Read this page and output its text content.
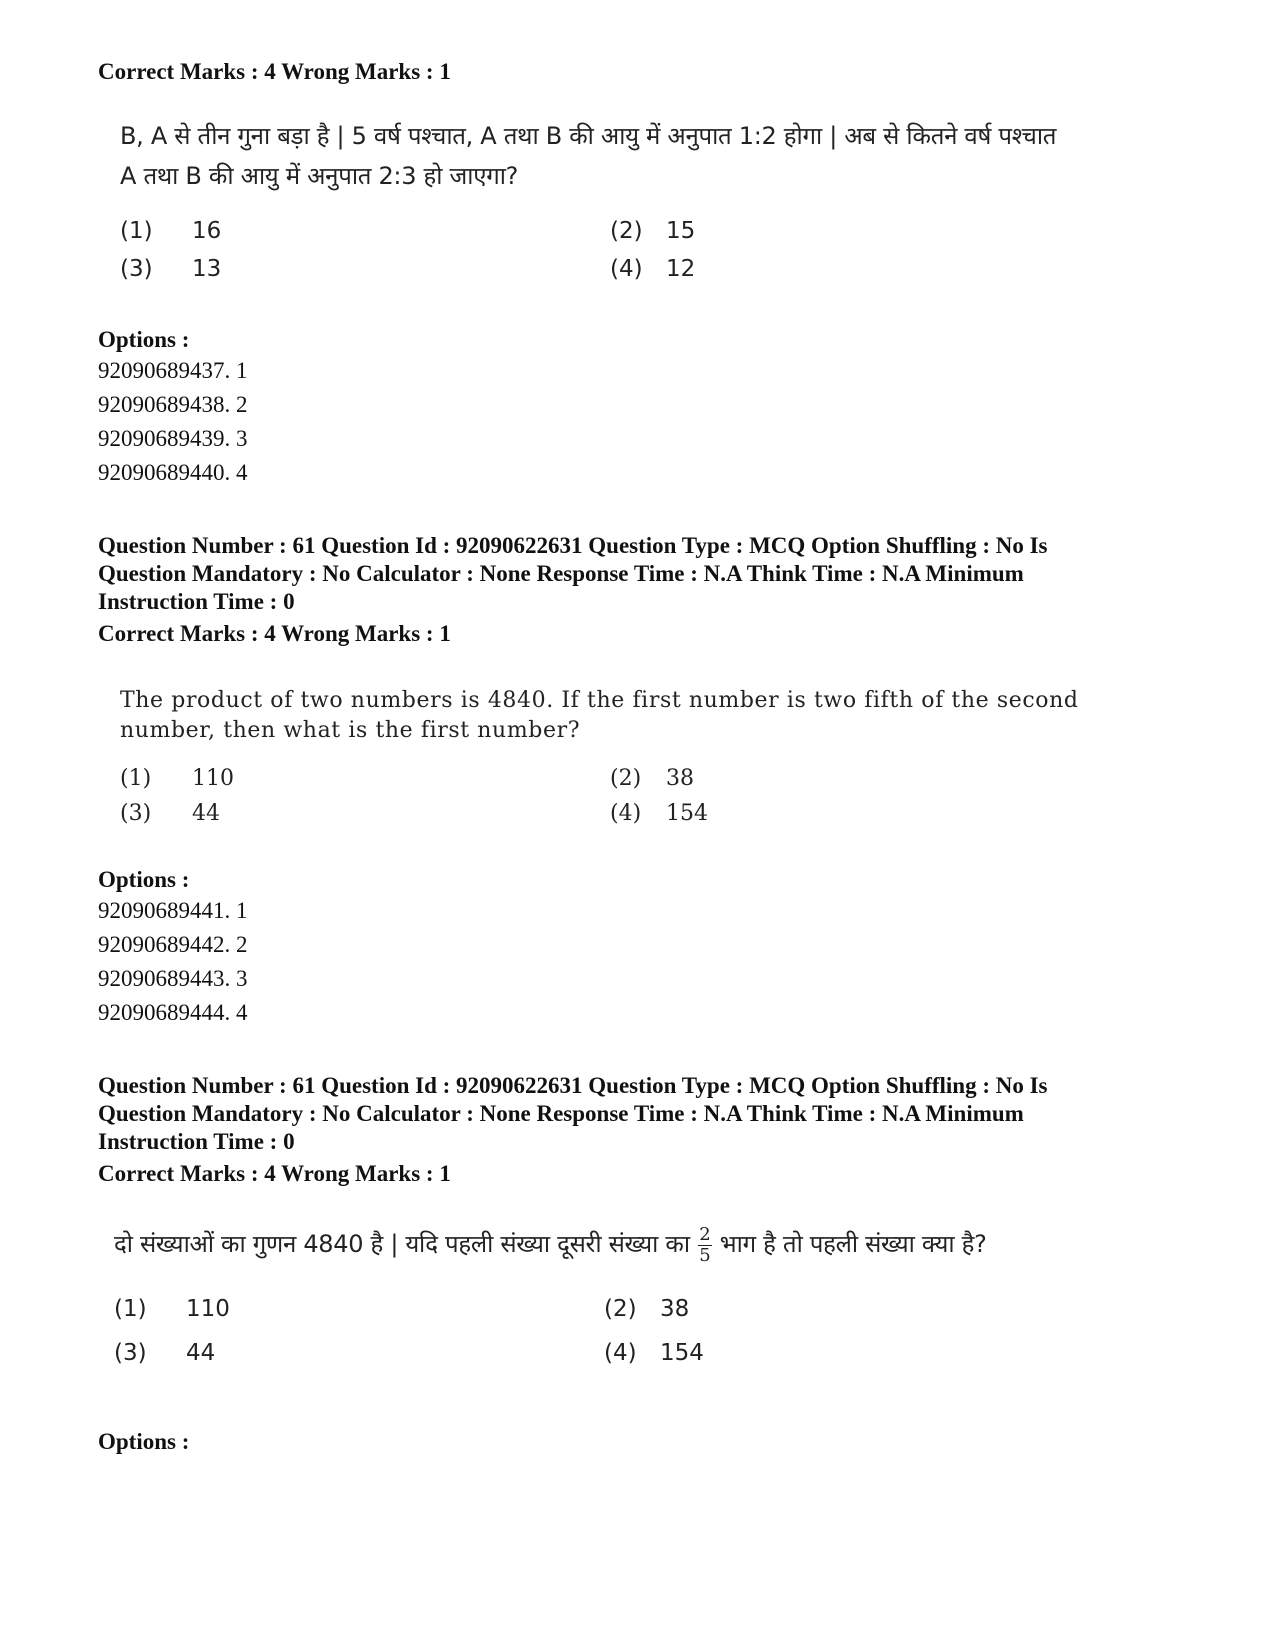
Correct Marks : 4 Wrong Marks : 1

B, A से तीन गुना बड़ा है | 5 वर्ष पश्चात, A तथा B की आयु में अनुपात 1:2 होगा | अब से कितने वर्ष पश्चात
A तथा B की आयु में अनुपात 2:3 हो जाएगा?
(1)	16	(2)	15
(3)	13	(4)	12

Options :

92090689437. 1

92090689438. 2

92090689439. 3

92090689440. 4

Question Number : 61 Question Id : 92090622631 Question Type : MCQ Option Shuffling : No Is

Question Mandatory : No Calculator : None Response Time : N.A Think Time : N.A Minimum

Instruction Time : 0

Correct Marks : 4 Wrong Marks : 1

The product of two numbers is 4840. If the first number is two fifth of the second
number, then what is the first number?
(1)	110	(2)	38
(3)	44	(4)	154

Options :

92090689441. 1

92090689442. 2

92090689443. 3

92090689444. 4

Question Number : 61 Question Id : 92090622631 Question Type : MCQ Option Shuffling : No Is

Question Mandatory : No Calculator : None Response Time : N.A Think Time : N.A Minimum

Instruction Time : 0

Correct Marks : 4 Wrong Marks : 1

दो संख्याओं का गुणन 4840 है | यदि पहली संख्या दूसरी संख्या का $\frac{2}{5}$ भाग है तो पहली संख्या क्या है?
(1)	110	(2)	38
(3)	44	(4)	154

Options :
